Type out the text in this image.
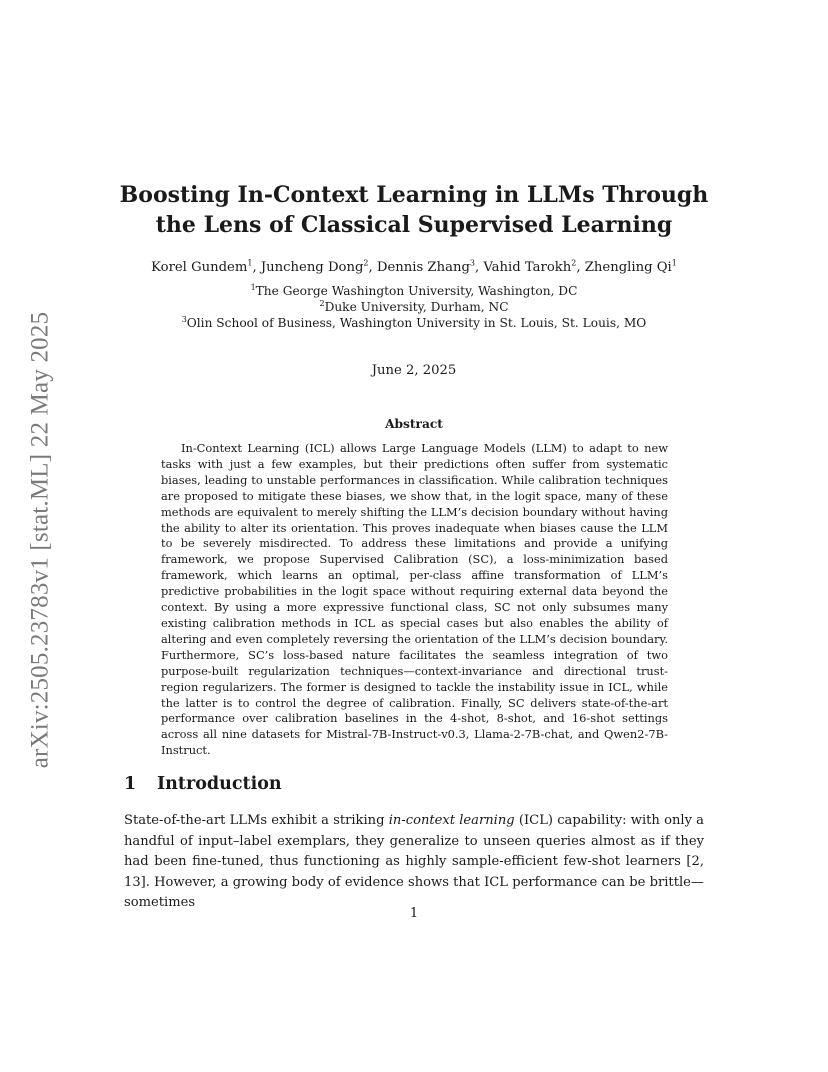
arXiv:2505.23783v1 [stat.ML] 22 May 2025
Boosting In-Context Learning in LLMs Through the Lens of Classical Supervised Learning

Korel Gundem$^1$, Juncheng Dong$^2$, Dennis Zhang$^3$, Vahid Tarokh$^2$, Zhengling Qi$^1$

$^1$The George Washington University, Washington, DC
$^2$Duke University, Durham, NC
$^3$Olin School of Business, Washington University in St. Louis, St. Louis, MO

June 2, 2025

Abstract

In-Context Learning (ICL) allows Large Language Models (LLM) to adapt to new tasks with just a few examples, but their predictions often suffer from systematic biases, leading to unstable performances in classification. While calibration techniques are proposed to mitigate these biases, we show that, in the logit space, many of these methods are equivalent to merely shifting the LLM’s decision boundary without having the ability to alter its orientation. This proves inadequate when biases cause the LLM to be severely misdirected. To address these limitations and provide a unifying framework, we propose Supervised Calibration (SC), a loss-minimization based framework, which learns an optimal, per-class affine transformation of LLM’s predictive probabilities in the logit space without requiring external data beyond the context. By using a more expressive functional class, SC not only subsumes many existing calibration methods in ICL as special cases but also enables the ability of altering and even completely reversing the orientation of the LLM’s decision boundary. Furthermore, SC’s loss-based nature facilitates the seamless integration of two purpose-built regularization techniques—context-invariance and directional trust-region regularizers. The former is designed to tackle the instability issue in ICL, while the latter is to control the degree of calibration. Finally, SC delivers state-of-the-art performance over calibration baselines in the 4-shot, 8-shot, and 16-shot settings across all nine datasets for Mistral-7B-Instruct-v0.3, Llama-2-7B-chat, and Qwen2-7B-Instruct.

1 Introduction

State-of-the-art LLMs exhibit a striking in-context learning (ICL) capability: with only a handful of input–label exemplars, they generalize to unseen queries almost as if they had been fine-tuned, thus functioning as highly sample-efficient few-shot learners [2, 13]. However, a growing body of evidence shows that ICL performance can be brittle—sometimes

1
